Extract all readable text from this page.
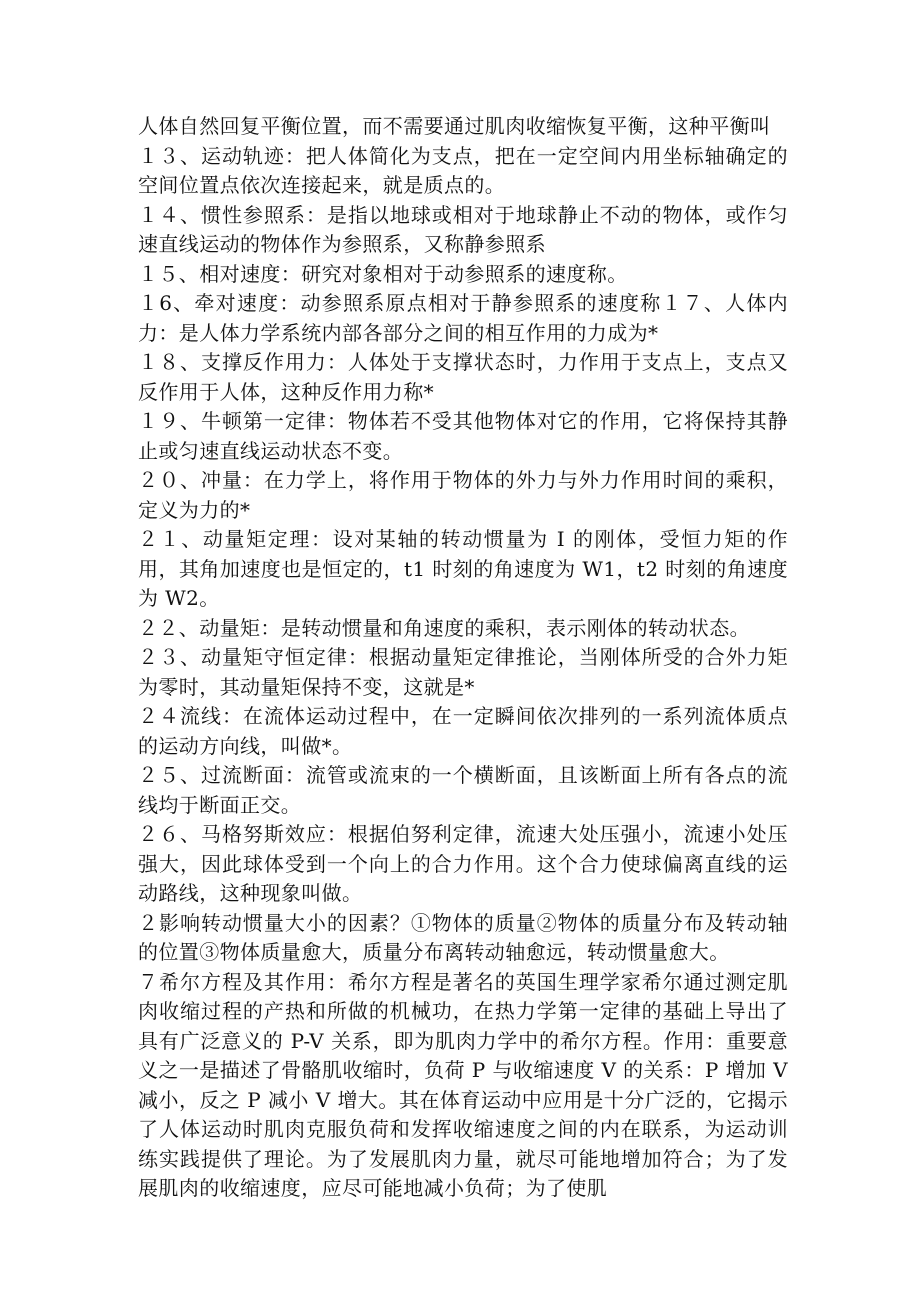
人体自然回复平衡位置，而不需要通过肌肉收缩恢复平衡，这种平衡叫

１３、运动轨迹：把人体简化为支点，把在一定空间内用坐标轴确定的空间位置点依次连接起来，就是质点的。

１４、惯性参照系：是指以地球或相对于地球静止不动的物体，或作匀速直线运动的物体作为参照系，又称静参照系

１５、相对速度：研究对象相对于动参照系的速度称。

１6、牵对速度：动参照系原点相对于静参照系的速度称１７、人体内力：是人体力学系统内部各部分之间的相互作用的力成为*

１８、支撑反作用力：人体处于支撑状态时，力作用于支点上，支点又反作用于人体，这种反作用力称*

１９、牛顿第一定律：物体若不受其他物体对它的作用，它将保持其静止或匀速直线运动状态不变。

２０、冲量：在力学上，将作用于物体的外力与外力作用时间的乘积，定义为力的*

２１、动量矩定理：设对某轴的转动惯量为 I 的刚体，受恒力矩的作用，其角加速度也是恒定的，t1 时刻的角速度为 W1，t2 时刻的角速度为 W2。

２２、动量矩：是转动惯量和角速度的乘积，表示刚体的转动状态。

２３、动量矩守恒定律：根据动量矩定律推论，当刚体所受的合外力矩为零时，其动量矩保持不变，这就是*

２４流线：在流体运动过程中，在一定瞬间依次排列的一系列流体质点的运动方向线，叫做*。

２５、过流断面：流管或流束的一个横断面，且该断面上所有各点的流线均于断面正交。

２６、马格努斯效应：根据伯努利定律，流速大处压强小，流速小处压强大，因此球体受到一个向上的合力作用。这个合力使球偏离直线的运动路线，这种现象叫做。

２影响转动惯量大小的因素？①物体的质量②物体的质量分布及转动轴的位置③物体质量愈大，质量分布离转动轴愈远，转动惯量愈大。

７希尔方程及其作用：希尔方程是著名的英国生理学家希尔通过测定肌肉收缩过程的产热和所做的机械功，在热力学第一定律的基础上导出了具有广泛意义的 P-V 关系，即为肌肉力学中的希尔方程。作用：重要意义之一是描述了骨骼肌收缩时，负荷 P 与收缩速度 V 的关系：P 增加 V 减小，反之 P 减小 V 增大。其在体育运动中应用是十分广泛的，它揭示了人体运动时肌肉克服负荷和发挥收缩速度之间的内在联系，为运动训练实践提供了理论。为了发展肌肉力量，就尽可能地增加符合；为了发展肌肉的收缩速度，应尽可能地减小负荷；为了使肌
